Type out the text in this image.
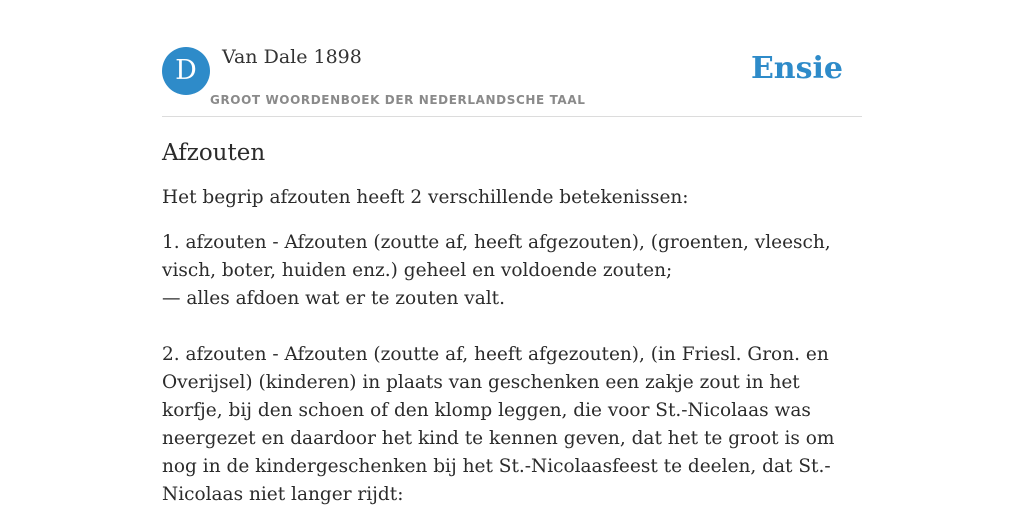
D	Van Dale 1898
GROOT WOORDENBOEK DER NEDERLANDSCHE TAAL
Ensie
Afzouten

Het begrip afzouten heeft 2 verschillende betekenissen:

1. afzouten - Afzouten (zoutte af, heeft afgezouten), (groenten, vleesch, visch, boter, huiden enz.) geheel en voldoende zouten;
— alles afdoen wat er te zouten valt.

2. afzouten - Afzouten (zoutte af, heeft afgezouten), (in Friesl. Gron. en Overijsel) (kinderen) in plaats van geschenken een zakje zout in het korfje, bij den schoen of den klomp leggen, die voor St.-Nicolaas was neergezet en daardoor het kind te kennen geven, dat het te groot is om nog in de kindergeschenken bij het St.-Nicolaasfeest te deelen, dat St.-Nicolaas niet langer rijdt:
